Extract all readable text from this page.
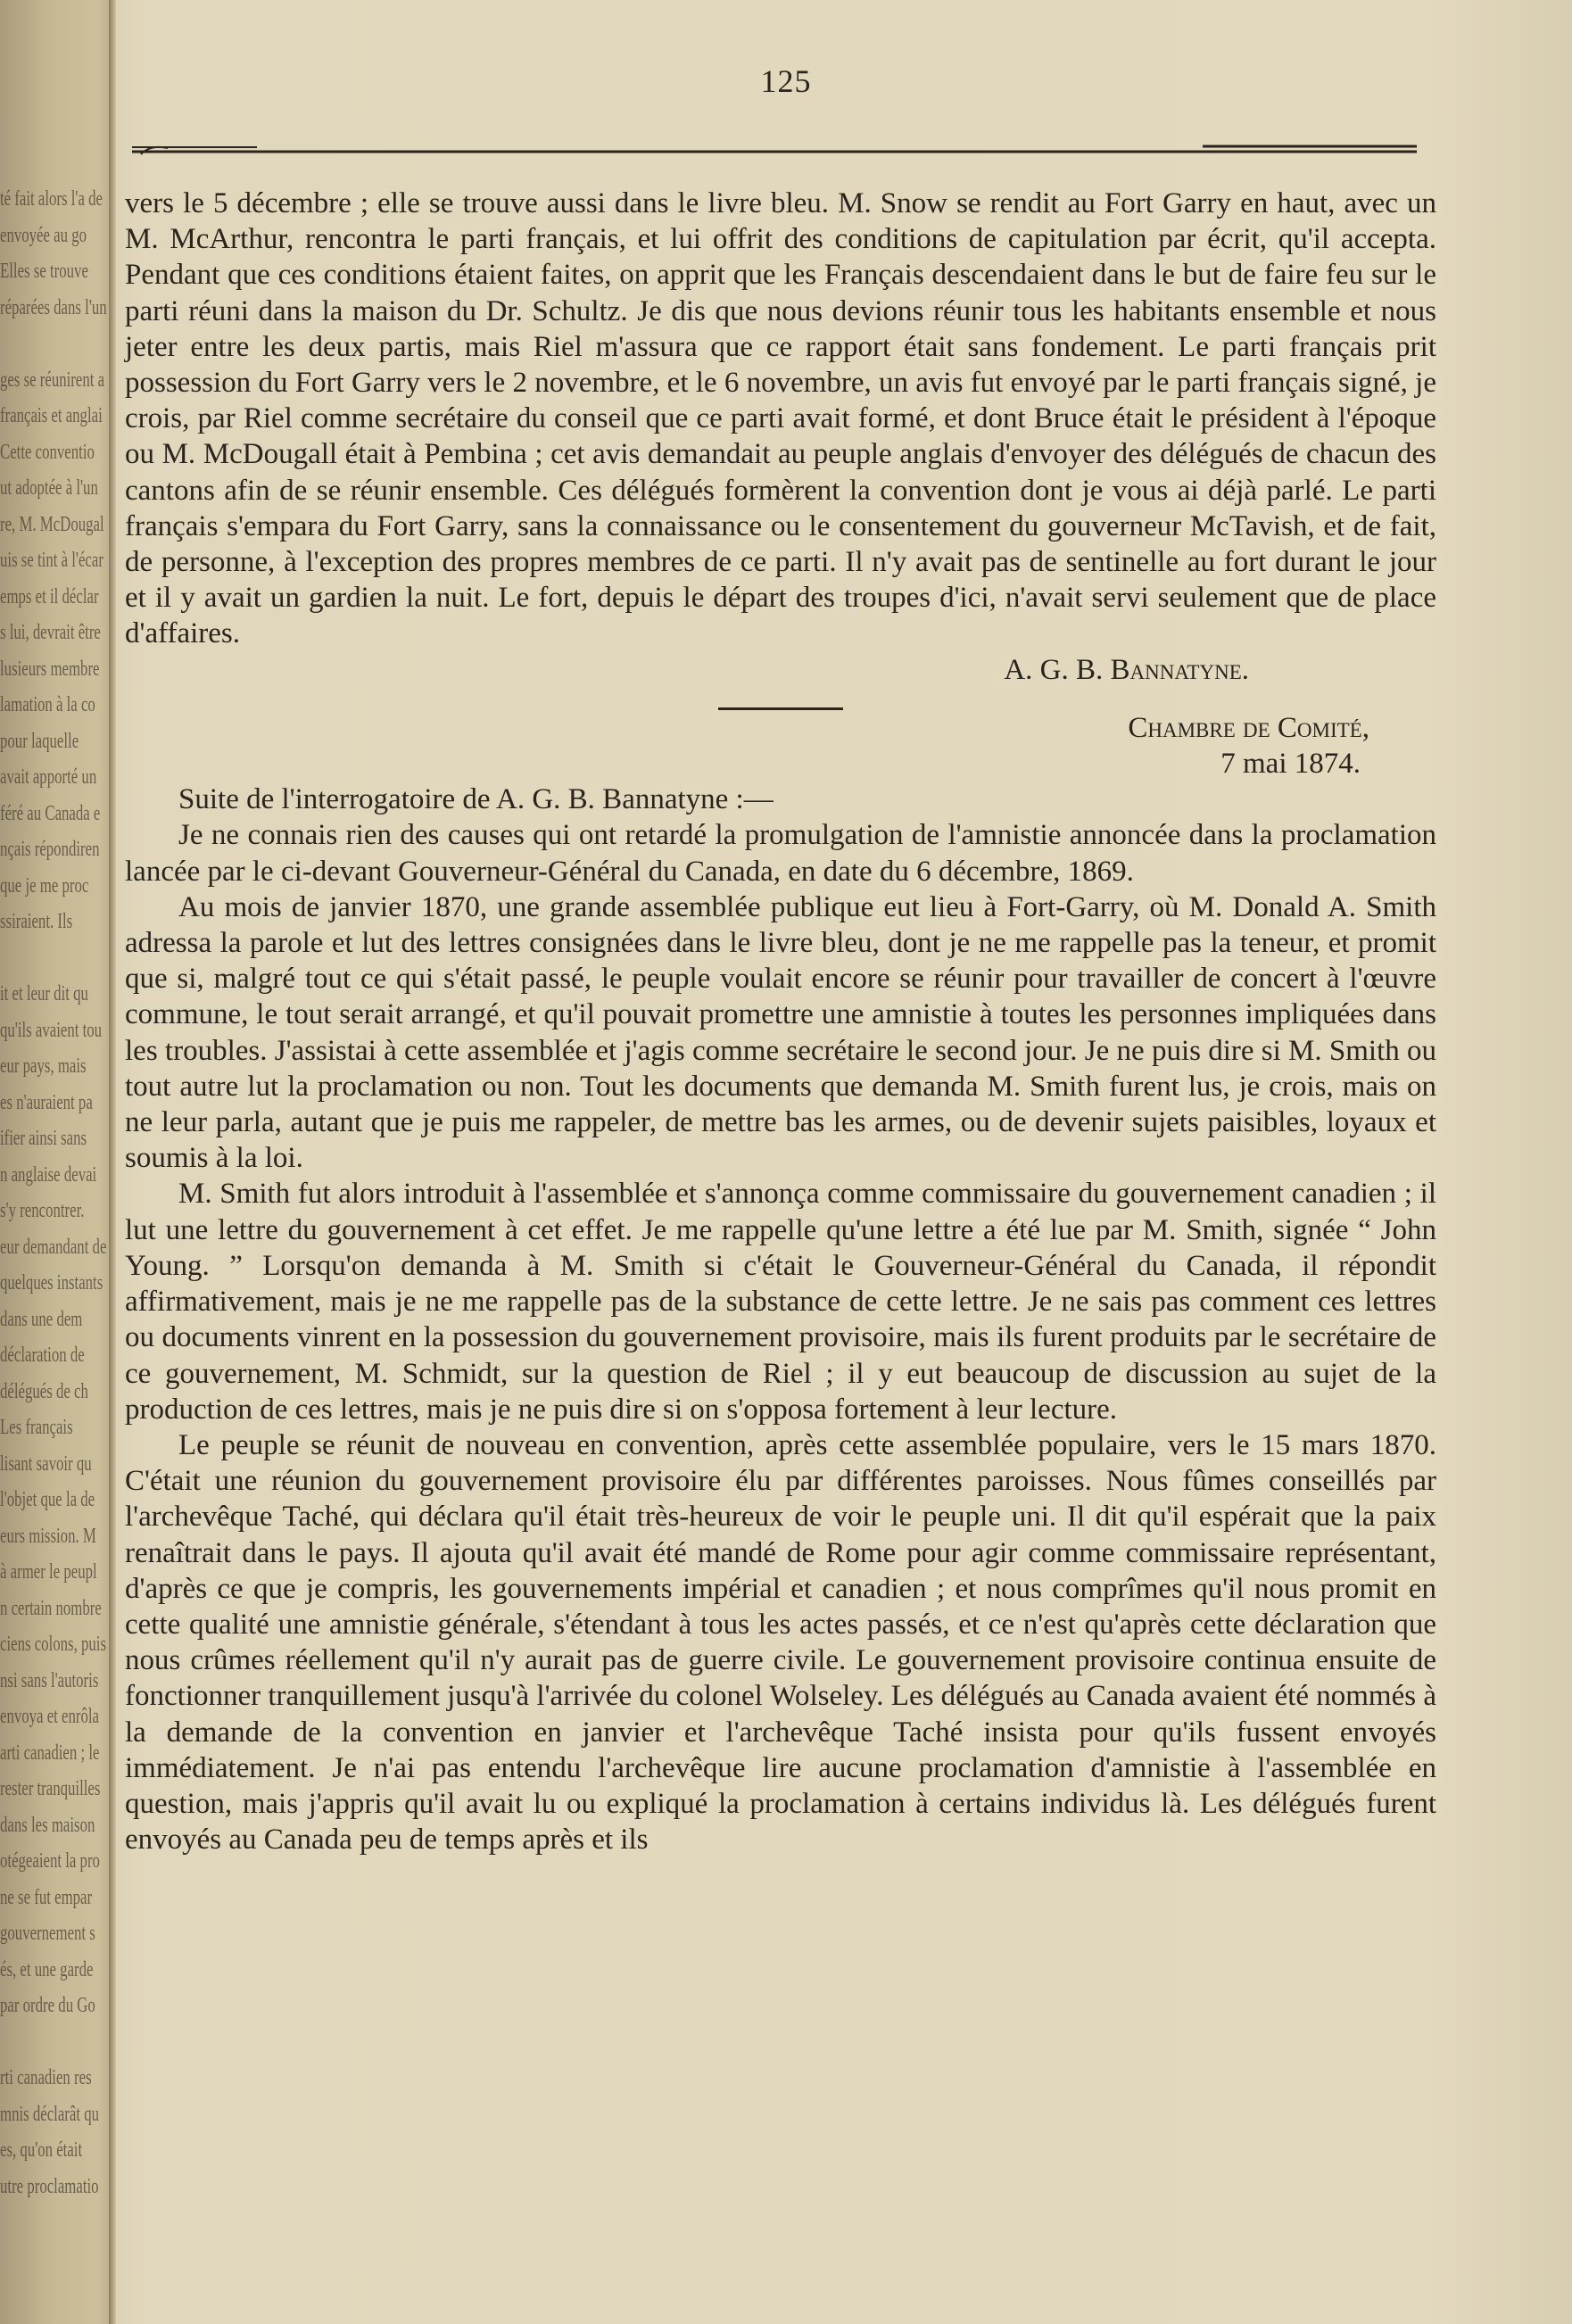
té fait alors l'a de
envoyée au go
Elles se trouve
réparées dans l'un
ges se réunirent a
français et anglai
Cette conventio
ut adoptée à l'un
re, M. McDougal
uis se tint à l'écar
emps et il déclar
s lui, devrait être
lusieurs membre
lamation à la co
pour laquelle
avait apporté un
féré au Canada e
nçais répondiren
que je me proc
ssiraient. Ils
it et leur dit qu
qu'ils avaient tou
eur pays, mais
es n'auraient pa
ifier ainsi sans
n anglaise devai
s'y rencontrer.
eur demandant de
quelques instants
dans une dem
déclaration de
délégués de ch
Les français
lisant savoir qu
l'objet que la de
eurs mission. M
à armer le peupl
n certain nombre
ciens colons, puis
nsi sans l'autoris
envoya et enrôla
arti canadien ; le
rester tranquilles
dans les maison
otégeaient la pro
ne se fut empar
gouvernement s
és, et une garde
par ordre du Go
rti canadien res
mnis déclarât qu
es, qu'on était
utre proclamatio
125

vers le 5 décembre ; elle se trouve aussi dans le livre bleu. M. Snow se rendit au Fort Garry en haut, avec un M. McArthur, rencontra le parti français, et lui offrit des conditions de capitulation par écrit, qu'il accepta. Pendant que ces conditions étaient faites, on apprit que les Français descendaient dans le but de faire feu sur le parti réuni dans la maison du Dr. Schultz. Je dis que nous devions réunir tous les habitants ensemble et nous jeter entre les deux partis, mais Riel m'assura que ce rapport était sans fondement. Le parti français prit possession du Fort Garry vers le 2 novembre, et le 6 novembre, un avis fut envoyé par le parti français signé, je crois, par Riel comme secrétaire du conseil que ce parti avait formé, et dont Bruce était le président à l'époque ou M. McDougall était à Pembina ; cet avis demandait au peuple anglais d'envoyer des délégués de chacun des cantons afin de se réunir ensemble. Ces délégués formèrent la convention dont je vous ai déjà parlé. Le parti français s'empara du Fort Garry, sans la connaissance ou le consentement du gouverneur McTavish, et de fait, de personne, à l'exception des propres membres de ce parti. Il n'y avait pas de sentinelle au fort durant le jour et il y avait un gardien la nuit. Le fort, depuis le départ des troupes d'ici, n'avait servi seulement que de place d'affaires.

A. G. B. Bannatyne.

Chambre de Comité,

7 mai 1874.

Suite de l'interrogatoire de A. G. B. Bannatyne :—

Je ne connais rien des causes qui ont retardé la promulgation de l'amnistie annoncée dans la proclamation lancée par le ci-devant Gouverneur-Général du Canada, en date du 6 décembre, 1869.

Au mois de janvier 1870, une grande assemblée publique eut lieu à Fort-Garry, où M. Donald A. Smith adressa la parole et lut des lettres consignées dans le livre bleu, dont je ne me rappelle pas la teneur, et promit que si, malgré tout ce qui s'était passé, le peuple voulait encore se réunir pour travailler de concert à l'œuvre commune, le tout serait arrangé, et qu'il pouvait promettre une amnistie à toutes les personnes impliquées dans les troubles. J'assistai à cette assemblée et j'agis comme secrétaire le second jour. Je ne puis dire si M. Smith ou tout autre lut la proclamation ou non. Tout les documents que demanda M. Smith furent lus, je crois, mais on ne leur parla, autant que je puis me rappeler, de mettre bas les armes, ou de devenir sujets paisibles, loyaux et soumis à la loi.

M. Smith fut alors introduit à l'assemblée et s'annonça comme commissaire du gouvernement canadien ; il lut une lettre du gouvernement à cet effet. Je me rappelle qu'une lettre a été lue par M. Smith, signée “ John Young. ” Lorsqu'on demanda à M. Smith si c'était le Gouverneur-Général du Canada, il répondit affirmativement, mais je ne me rappelle pas de la substance de cette lettre. Je ne sais pas comment ces lettres ou documents vinrent en la possession du gouvernement provisoire, mais ils furent produits par le secrétaire de ce gouvernement, M. Schmidt, sur la question de Riel ; il y eut beaucoup de discussion au sujet de la production de ces lettres, mais je ne puis dire si on s'opposa fortement à leur lecture.

Le peuple se réunit de nouveau en convention, après cette assemblée populaire, vers le 15 mars 1870. C'était une réunion du gouvernement provisoire élu par différentes paroisses. Nous fûmes conseillés par l'archevêque Taché, qui déclara qu'il était très-heureux de voir le peuple uni. Il dit qu'il espérait que la paix renaîtrait dans le pays. Il ajouta qu'il avait été mandé de Rome pour agir comme commissaire représentant, d'après ce que je compris, les gouvernements impérial et canadien ; et nous comprîmes qu'il nous promit en cette qualité une amnistie générale, s'étendant à tous les actes passés, et ce n'est qu'après cette déclaration que nous crûmes réellement qu'il n'y aurait pas de guerre civile. Le gouvernement provisoire continua ensuite de fonctionner tranquillement jusqu'à l'arrivée du colonel Wolseley. Les délégués au Canada avaient été nommés à la demande de la convention en janvier et l'archevêque Taché insista pour qu'ils fussent envoyés immédiatement. Je n'ai pas entendu l'archevêque lire aucune proclamation d'amnistie à l'assemblée en question, mais j'appris qu'il avait lu ou expliqué la proclamation à certains individus là. Les délégués furent envoyés au Canada peu de temps après et ils
